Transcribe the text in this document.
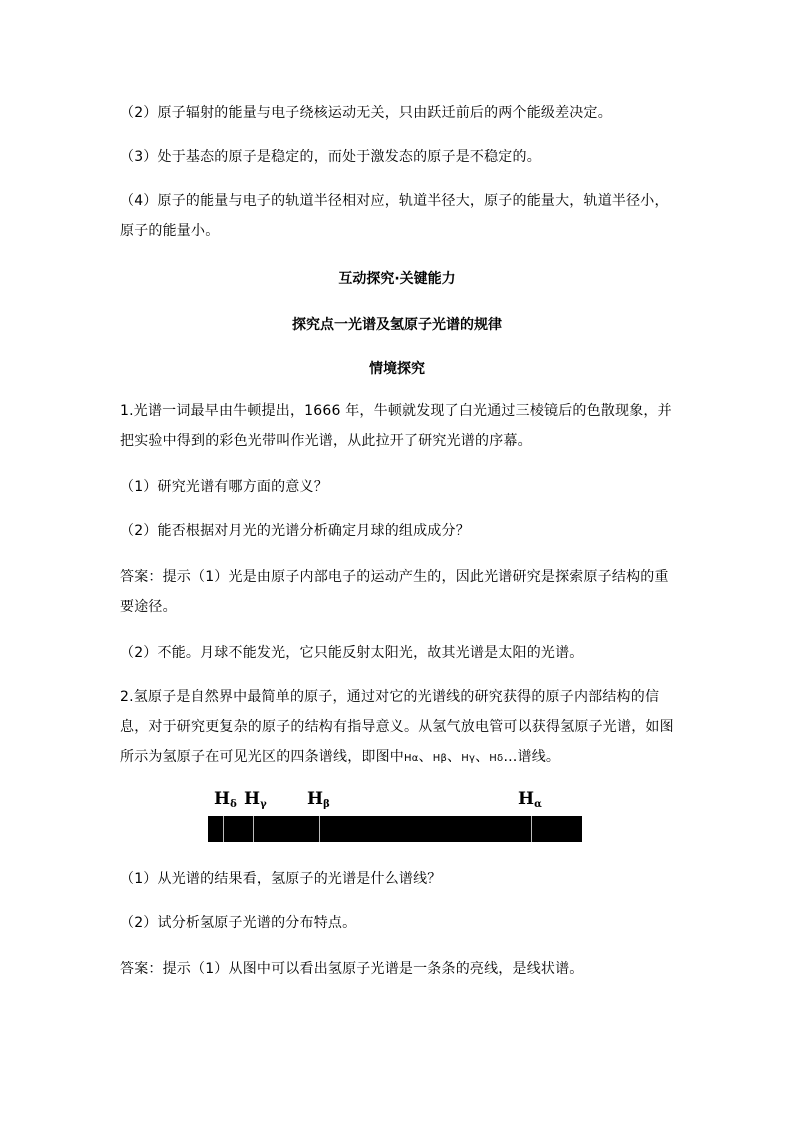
（2）原子辐射的能量与电子绕核运动无关，只由跃迁前后的两个能级差决定。

（3）处于基态的原子是稳定的，而处于激发态的原子是不稳定的。

（4）原子的能量与电子的轨道半径相对应，轨道半径大，原子的能量大，轨道半径小，原子的能量小。

互动探究·关键能力

探究点一光谱及氢原子光谱的规律

情境探究

1.光谱一词最早由牛顿提出，1666 年，牛顿就发现了白光通过三棱镜后的色散现象，并把实验中得到的彩色光带叫作光谱，从此拉开了研究光谱的序幕。

（1）研究光谱有哪方面的意义？

（2）能否根据对月光的光谱分析确定月球的组成成分？

答案：提示（1）光是由原子内部电子的运动产生的，因此光谱研究是探索原子结构的重要途径。

（2）不能。月球不能发光，它只能反射太阳光，故其光谱是太阳的光谱。

2.氢原子是自然界中最简单的原子，通过对它的光谱线的研究获得的原子内部结构的信息，对于研究更复杂的原子的结构有指导意义。从氢气放电管可以获得氢原子光谱，如图所示为氢原子在可见光区的四条谱线，即图中Hα、Hβ、Hγ、Hδ…谱线。

$H_\delta$ $H_\gamma$ $H_\beta$	$H_\alpha$

（1）从光谱的结果看，氢原子的光谱是什么谱线？

（2）试分析氢原子光谱的分布特点。

答案：提示（1）从图中可以看出氢原子光谱是一条条的亮线，是线状谱。
